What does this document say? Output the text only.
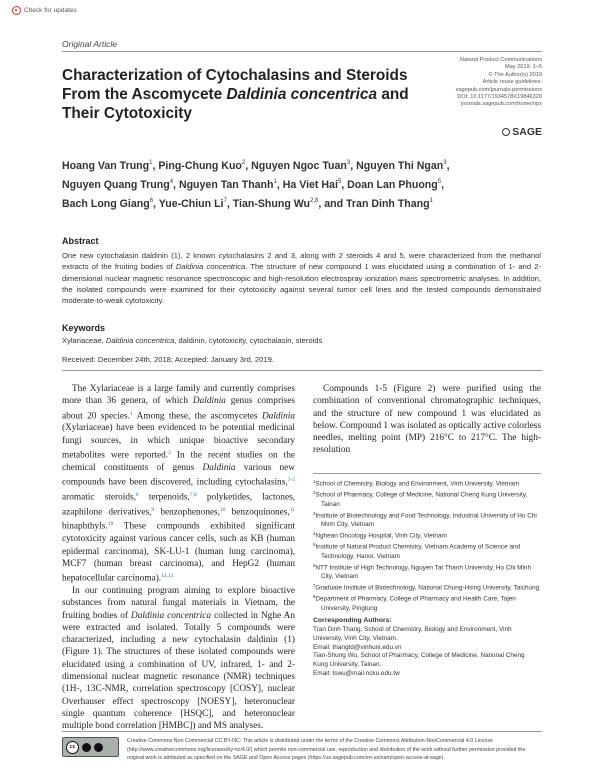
Check for updates
Original Article
Characterization of Cytochalasins and Steroids From the Ascomycete Daldinia concentrica and Their Cytotoxicity
Natural Product Communications
May 2019: 1–5
© The Author(s) 2019
Article reuse guidelines:
sagepub.com/journals-permissions
DOI: 10.1177/1934578X19846320
journals.sagepub.com/home/npx
SAGE
Hoang Van Trung$^1$, Ping-Chung Kuo$^2$, Nguyen Ngoc Tuan$^3$, Nguyen Thi Ngan$^3$,
Nguyen Quang Trung$^4$, Nguyen Tan Thanh$^1$, Ha Viet Hai$^5$, Doan Lan Phuong$^5$,
Bach Long Giang$^6$, Yue-Chiun Li$^7$, Tian-Shung Wu$^{2,8}$, and Tran Dinh Thang$^1$
Abstract
One new cytochalasin daldinin (1), 2 known cytochalasins 2 and 3, along with 2 steroids 4 and 5, were characterized from the methanol extracts of the fruiting bodies of Daldinia concentrica. The structure of new compound 1 was elucidated using a combination of 1- and 2-dimensional nuclear magnetic resonance spectroscopic and high-resolution electrospray ionization mass spectrometric analyses. In addition, the isolated compounds were examined for their cytotoxicity against several tumor cell lines and the tested compounds demonstrated moderate-to-weak cytotoxicity.
Keywords
Xylariaceae, Daldinia concentrica, daldinin, cytotoxicity, cytochalasin, steroids
Received: December 24th, 2018; Accepted: January 3rd, 2019.

The Xylariaceae is a large family and currently comprises more than 36 genera, of which Daldinia genus comprises about 20 species.$^1$ Among these, the ascomycetes Daldinia (Xylariaceae) have been evidenced to be potential medicinal fungi sources, in which unique bioactive secondary metabolites were reported.$^2$ In the recent studies on the chemical constituents of genus Daldinia various new compounds have been discovered, including cytochalasins,$^{3-5}$ aromatic steroids,$^6$ terpenoids,$^{7,8}$ polyketides, lactones, azaphilone derivatives,$^9$ benzophenones,$^{10}$ benzoquinones,$^{11}$ binaphthyls.$^{10}$ These compounds exhibited significant cytotoxicity against various cancer cells, such as KB (human epidermal carcinoma), SK-LU-1 (human lung carcinoma), MCF7 (human breast carcinoma), and HepG2 (human hepatocellular carcinoma).$^{12,13}$

In our continuing program aiming to explore bioactive substances from natural fungal materials in Vietnam, the fruiting bodies of Daldinia concentrica collected in Nghe An were extracted and isolated. Totally 5 compounds were characterized, including a new cytochalasin daldinin (1) (Figure 1). The structures of these isolated compounds were elucidated using a combination of UV, infrared, 1- and 2-dimensional nuclear magnetic resonance (NMR) techniques (1H-, 13C-NMR, correlation spectroscopy [COSY], nuclear Overhauser effect spectroscopy [NOESY], heteronuclear single quantum coherence [HSQC], and heteronuclear multiple bond correlation [HMBC]) and MS analyses.

Compounds 1-5 (Figure 2) were purified using the combination of conventional chromatographic techniques, and the structure of new compound 1 was elucidated as below. Compound 1 was isolated as optically active colorless needles, melting point (MP) 216°C to 217°C. The high-resolution

$^1$School of Chemistry, Biology and Environment, Vinh University, Vietnam
$^2$School of Pharmacy, College of Medicine, National Cheng Kung University, Tainan
$^3$Institute of Biotechnology and Food Technology, Industrial University of Ho Chi Minh City, Vietnam
$^4$Nghean Oncology Hospital, Vinh City, Vietnam
$^5$Institute of Natural Product Chemistry, Vietnam Academy of Science and Technology, Hanoi, Vietnam
$^6$NTT Institute of High Technology, Nguyen Tat Thanh University, Ho Chi Minh City, Vietnam
$^7$Graduate Institute of Biotechnology, National Chung-Hsing University, Taichung
$^8$Department of Pharmacy, College of Pharmacy and Health Care, Tajen University, Pingtung
Corresponding Authors:
Tran Dinh Thang, School of Chemistry, Biology and Environment, Vinh University, Vinh City, Vietnam.
Email: thangtd@vinhuni.edu.vn
Tian-Shung Wu, School of Pharmacy, College of Medicine, National Cheng Kung University, Tainan.
Email: tswu@mail.ncku.edu.tw
cc
Creative Commons Non Commercial CC BY-NC: This article is distributed under the terms of the Creative Commons Attribution-NonCommercial 4.0 License (http://www.creativecommons.org/licenses/by-nc/4.0/) which permits non-commercial use, reproduction and distribution of the work without further permission provided the original work is attributed as specified on the SAGE and Open Access pages (https://us.sagepub.com/en-us/nam/open-access-at-sage).
